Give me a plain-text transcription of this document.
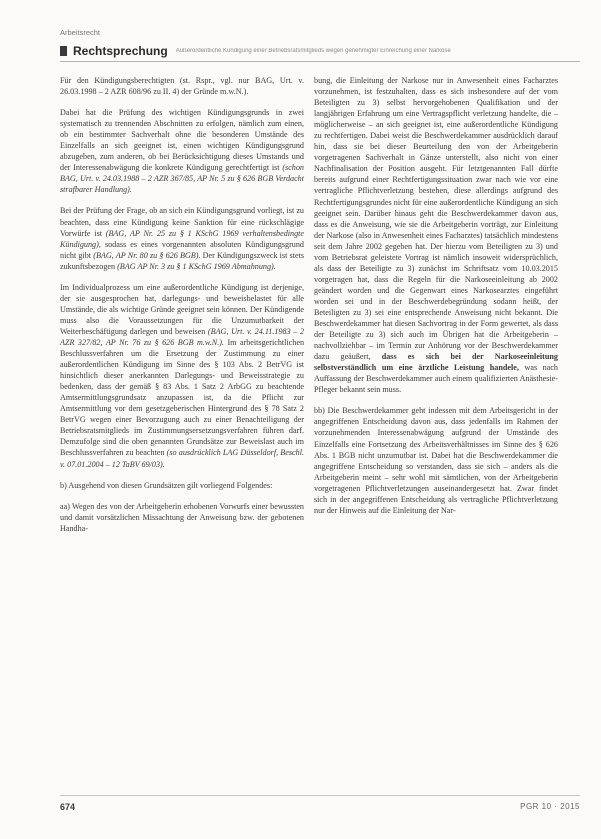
Arbeitsrecht
Rechtsprechung Außerordentliche Kündigung einer Betriebsratsmitglieds wegen genehmigter Einreichung einer Narkose

Für den Kündigungsberechtigten (st. Rspr., vgl. nur BAG, Urt. v. 26.03.1998 – 2 AZR 608/96 zu II. 4) der Gründe m.w.N.).

Dabei hat die Prüfung des wichtigen Kündigungsgrunds in zwei systematisch zu trennenden Abschnitten zu erfolgen, nämlich zum einen, ob ein bestimmter Sachverhalt ohne die besonderen Umstände des Einzelfalls an sich geeignet ist, einen wichtigen Kündigungsgrund abzugeben, zum anderen, ob bei Berücksichtigung dieses Umstands und der Interessenabwägung die konkrete Kündigung gerechtfertigt ist (schon BAG, Urt. v. 24.03.1988 – 2 AZR 367/85, AP Nr. 5 zu § 626 BGB Verdacht strafbarer Handlung).

Bei der Prüfung der Frage, ob an sich ein Kündigungsgrund vorliegt, ist zu beachten, dass eine Kündigung keine Sanktion für eine rückschlägige Vorwürfe ist (BAG, AP Nr. 25 zu § 1 KSchG 1969 verhaltensbedingte Kündigung), sodass es eines vorgenannten absoluten Kündigungsgrund nicht gibt (BAG, AP Nr. 80 zu § 626 BGB). Der Kündigungszweck ist stets zukunftsbezogen (BAG AP Nr. 3 zu § 1 KSchG 1969 Abmahnung).

Im Individualprozess um eine außerordentliche Kündigung ist derjenige, der sie ausgesprochen hat, darlegungs- und beweisbelastet für alle Umstände, die als wichtige Gründe geeignet sein können. Der Kündigende muss also die Voraussetzungen für die Unzumutbarkeit der Weiterbeschäftigung darlegen und beweisen (BAG, Urt. v. 24.11.1983 – 2 AZR 327/82, AP Nr. 76 zu § 626 BGB m.w.N.). Im arbeitsgerichtlichen Beschlussverfahren um die Ersetzung der Zustimmung zu einer außerordentlichen Kündigung im Sinne des § 103 Abs. 2 BetrVG ist hinsichtlich dieser anerkannten Darlegungs- und Beweisstrategie zu bedenken, dass der gemäß § 83 Abs. 1 Satz 2 ArbGG zu beachtende Amtsermittlungsgrundsatz anzupassen ist, da die Pflicht zur Amtsermittlung vor dem gesetzgeberischen Hintergrund des § 78 Satz 2 BetrVG wegen einer Bevorzugung auch zu einer Benachteiligung der Betriebsratsmitglieds im Zustimmungsersetzungsverfahren führen darf. Demzufolge sind die oben genannten Grundsätze zur Beweislast auch im Beschlussverfahren zu beachten (so ausdrücklich LAG Düsseldorf, Beschl. v. 07.01.2004 – 12 TaBV 69/03).

b) Ausgehend von diesen Grundsätzen gilt vorliegend Folgendes:

aa) Wegen des von der Arbeitgeberin erhobenen Vorwurfs einer bewussten und damit vorsätzlichen Missachtung der Anweisung bzw. der gebotenen Handha-

bung, die Einleitung der Narkose nur in Anwesenheit eines Facharztes vorzunehmen, ist festzuhalten, dass es sich insbesondere auf der vom Beteiligten zu 3) selbst hervorgehobenen Qualifikation und der langjährigen Erfahrung um eine Vertragspflicht verletzung handelte, die – möglicherweise – an sich geeignet ist, eine außerordentliche Kündigung zu rechtfertigen. Dabei weist die Beschwerdekammer ausdrücklich darauf hin, dass sie bei dieser Beurteilung den von der Arbeitgeberin vorgetragenen Sachverhalt in Gänze unterstellt, also nicht von einer Nachfinalisation der Position ausgeht. Für letztgenannten Fall dürfte bereits aufgrund einer Rechtfertigungssituation zwar nach wie vor eine vertragliche Pflichtverletzung bestehen, diese allerdings aufgrund des Rechtfertigungsgrundes nicht für eine außerordentliche Kündigung an sich geeignet sein. Darüber hinaus geht die Beschwerdekammer davon aus, dass es die Anweisung, wie sie die Arbeitgeberin vorträgt, zur Einleitung der Narkose (also in Anwesenheit eines Facharztes) tatsächlich mindestens seit dem Jahre 2002 gegeben hat. Der hierzu vom Beteiligten zu 3) und vom Betriebsrat geleistete Vortrag ist nämlich insoweit widersprüchlich, als dass der Beteiligte zu 3) zunächst im Schriftsatz vom 10.03.2015 vorgetragen hat, dass die Regeln für die Narkoseeinleitung ab 2002 geändert worden und die Gegenwart eines Narkosearztes eingeführt worden sei und in der Beschwerdebegründung sodann heißt, der Beteiligten zu 3) sei eine entsprechende Anweisung nicht bekannt. Die Beschwerdekammer hat diesen Sachvortrag in der Form gewertet, als dass der Beteiligte zu 3) sich auch im Übrigen hat die Arbeitgeberin – nachvollziehbar – im Termin zur Anhörung vor der Beschwerdekammer dazu geäußert, dass es sich bei der Narkoseeinleitung selbstverständlich um eine ärztliche Leistung handele, was nach Auffassung der Beschwerdekammer auch einem qualifizierten Anästhesie-Pfleger bekannt sein muss.

bb) Die Beschwerdekammer geht indessen mit dem Arbeitsgericht in der angegriffenen Entscheidung davon aus, dass jedenfalls im Rahmen der vorzunehmenden Interessenabwägung aufgrund der Umstände des Einzelfalls eine Fortsetzung des Arbeitsverhältnisses im Sinne des § 626 Abs. 1 BGB nicht unzumutbar ist. Dabei hat die Beschwerdekammer die angegriffene Entscheidung so verstanden, dass sie sich – anders als die Arbeitgeberin meint – sehr wohl mit sämtlichen, von der Arbeitgeberin vorgetragenen Pflichtverletzungen auseinandergesetzt hat. Zwar findet sich in der angegriffenen Entscheidung als vertragliche Pflichtverletzung nur der Hinweis auf die Einleitung der Nar-

674	PGR 10 · 2015
